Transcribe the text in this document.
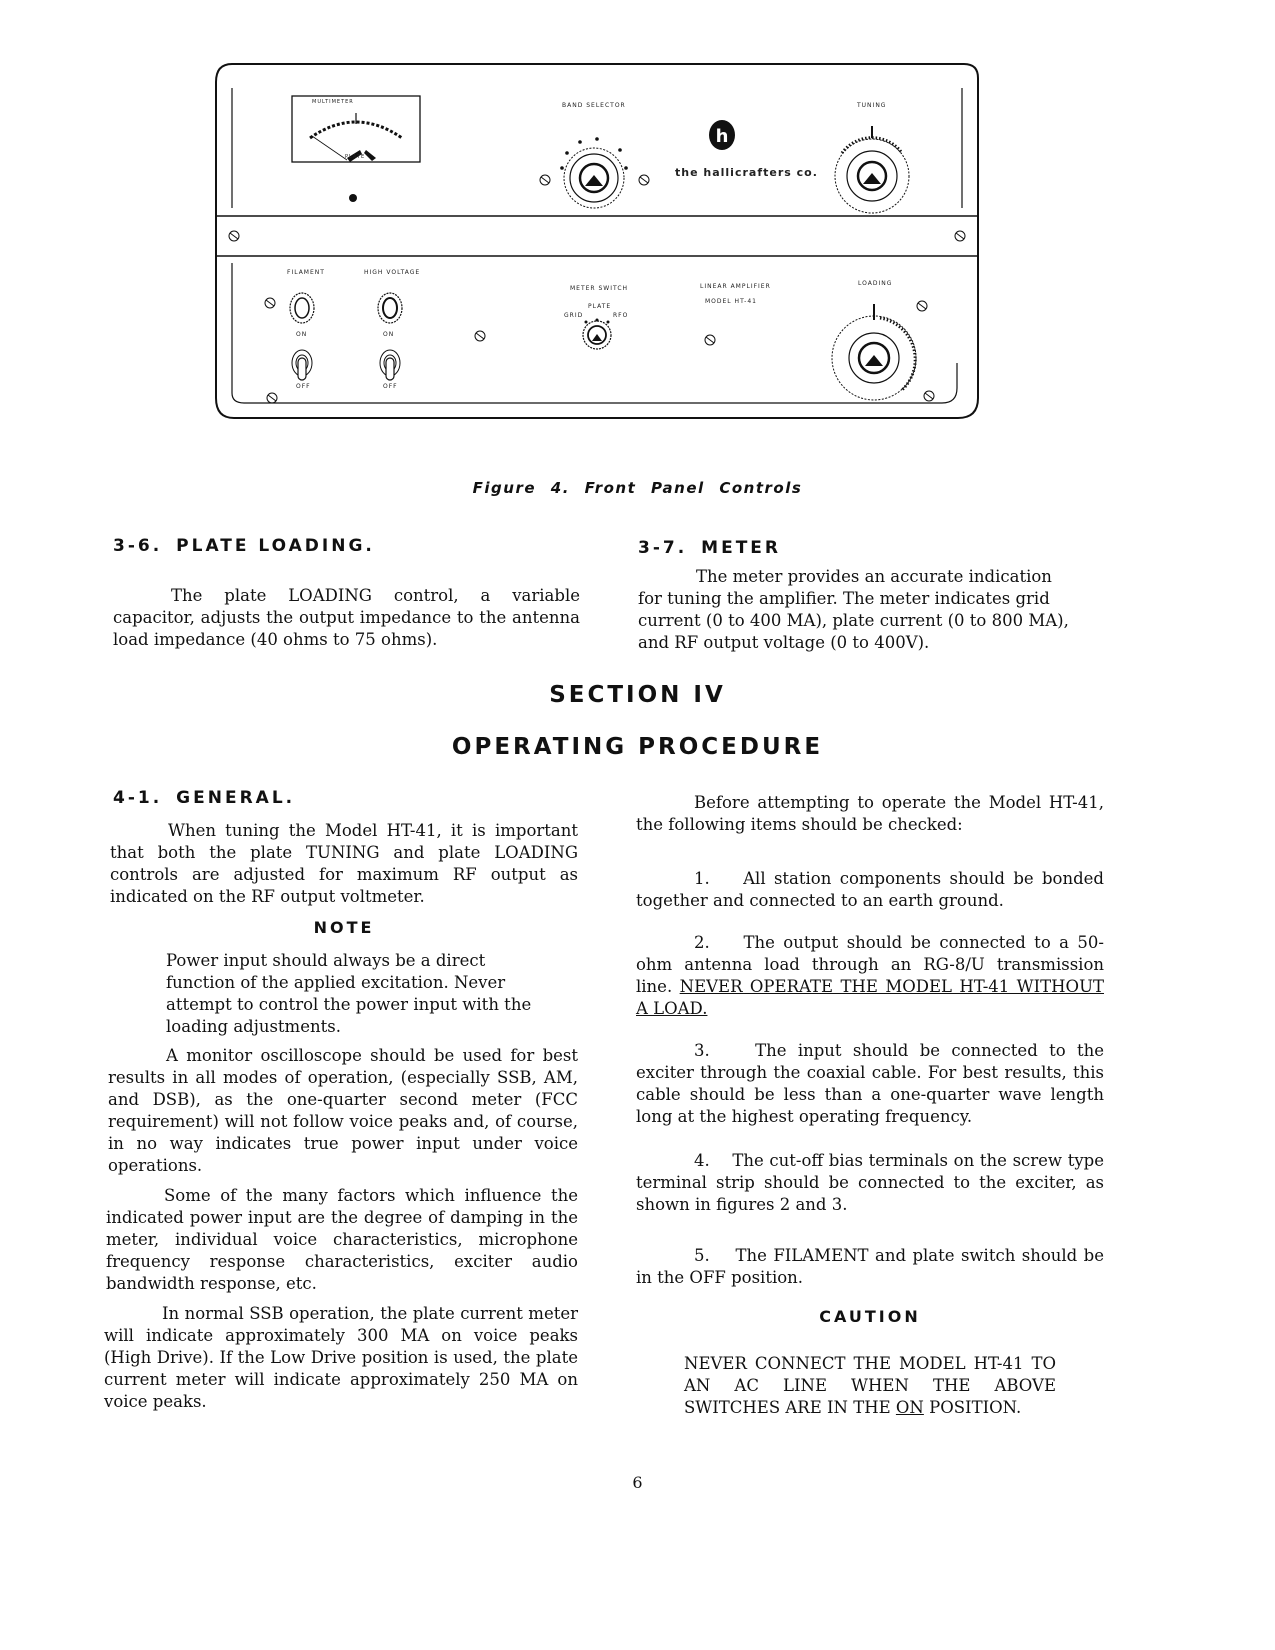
h
MULTIMETER
PLATE
BAND SELECTOR
the hallicrafters co.
TUNING
FILAMENT	HIGH VOLTAGE
METER SWITCH
GRID
PLATE
RFO
LINEAR AMPLIFIER
MODEL HT-41
LOADING
ON	ON
OFF	OFF
Figure 4. Front Panel Controls
3-6. PLATE LOADING.
The plate LOADING control, a variable capacitor, adjusts the output impedance to the antenna load impedance (40 ohms to 75 ohms).
3-7. METER
The meter provides an accurate indication
for tuning the amplifier. The meter indicates grid
current (0 to 400 MA), plate current (0 to 800 MA),
and RF output voltage (0 to 400V).
SECTION IV
OPERATING PROCEDURE
4-1. GENERAL.
When tuning the Model HT-41, it is important that both the plate TUNING and plate LOADING controls are adjusted for maximum RF output as indicated on the RF output voltmeter.
NOTE
Power input should always be a direct function of the applied excitation. Never attempt to control the power input with the loading adjustments.
A monitor oscilloscope should be used for best results in all modes of operation, (especially SSB, AM, and DSB), as the one-quarter second meter (FCC requirement) will not follow voice peaks and, of course, in no way indicates true power input under voice operations.
Some of the many factors which influence the indicated power input are the degree of damping in the meter, individual voice characteristics, microphone frequency response characteristics, exciter audio bandwidth response, etc.
In normal SSB operation, the plate current meter will indicate approximately 300 MA on voice peaks (High Drive). If the Low Drive position is used, the plate current meter will indicate approximately 250 MA on voice peaks.
Before attempting to operate the Model HT-41, the following items should be checked:
1. All station components should be bonded together and connected to an earth ground.
2. The output should be connected to a 50-ohm antenna load through an RG-8/U transmission line. NEVER OPERATE THE MODEL HT-41 WITHOUT A LOAD.
3.	The input should be connected to the exciter through the coaxial cable. For best results, this cable should be less than a one-quarter wave length long at the highest operating frequency.
4. The cut-off bias terminals on the screw type terminal strip should be connected to the exciter, as shown in figures 2 and 3.
5. The FILAMENT and plate switch should be in the OFF position.
CAUTION
NEVER CONNECT THE MODEL HT-41 TO AN AC LINE WHEN THE ABOVE SWITCHES ARE IN THE ON POSITION.
6
